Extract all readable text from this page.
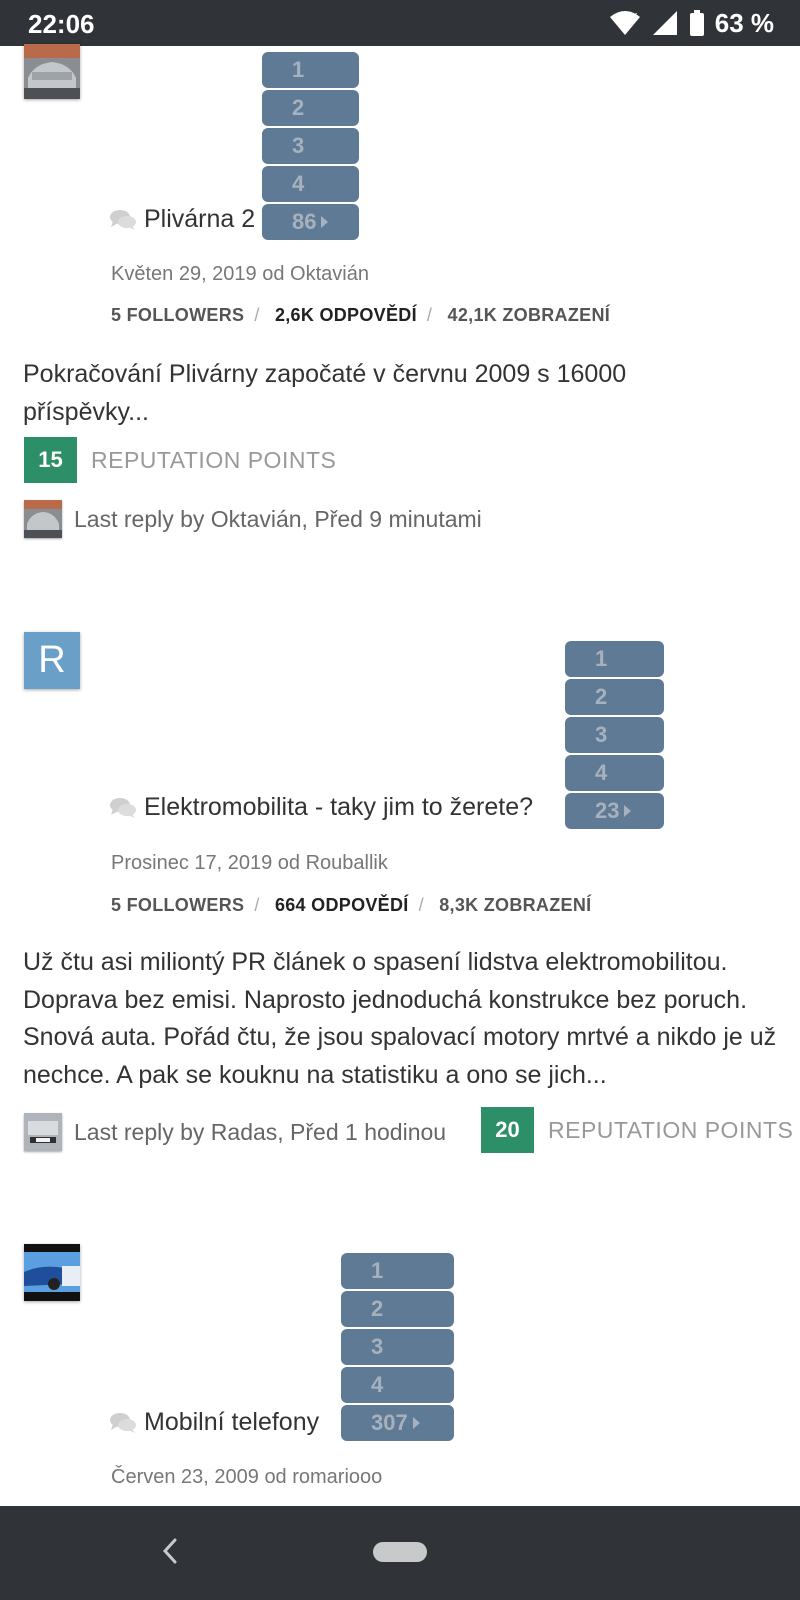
22:06	x	63 %
1
2
3
4
86
Plivárna 2
Květen 29, 2019 od Oktavián
5 FOLLOWERS / 2,6K ODPOVĚDÍ / 42,1K ZOBRAZENÍ
Pokračování Plivárny započaté v červnu 2009 s 16000 příspěvky...
15	REPUTATION POINTS
Last reply by Oktavián, Před 9 minutami
R	1
2
3
4
23
Elektromobilita - taky jim to žerete?
Prosinec 17, 2019 od Rouballik
5 FOLLOWERS / 664 ODPOVĚDÍ / 8,3K ZOBRAZENÍ
Už čtu asi miliontý PR článek o spasení lidstva elektromobilitou. Doprava bez emisi. Naprosto jednoduchá konstrukce bez poruch. Snová auta. Pořád čtu, že jsou spalovací motory mrtvé a nikdo je už nechce. A pak se kouknu na statistiku a ono se jich...
Last reply by Radas, Před 1 hodinou	20	REPUTATION POINTS
1
2
3
4
307
Mobilní telefony
Červen 23, 2009 od romariooo
